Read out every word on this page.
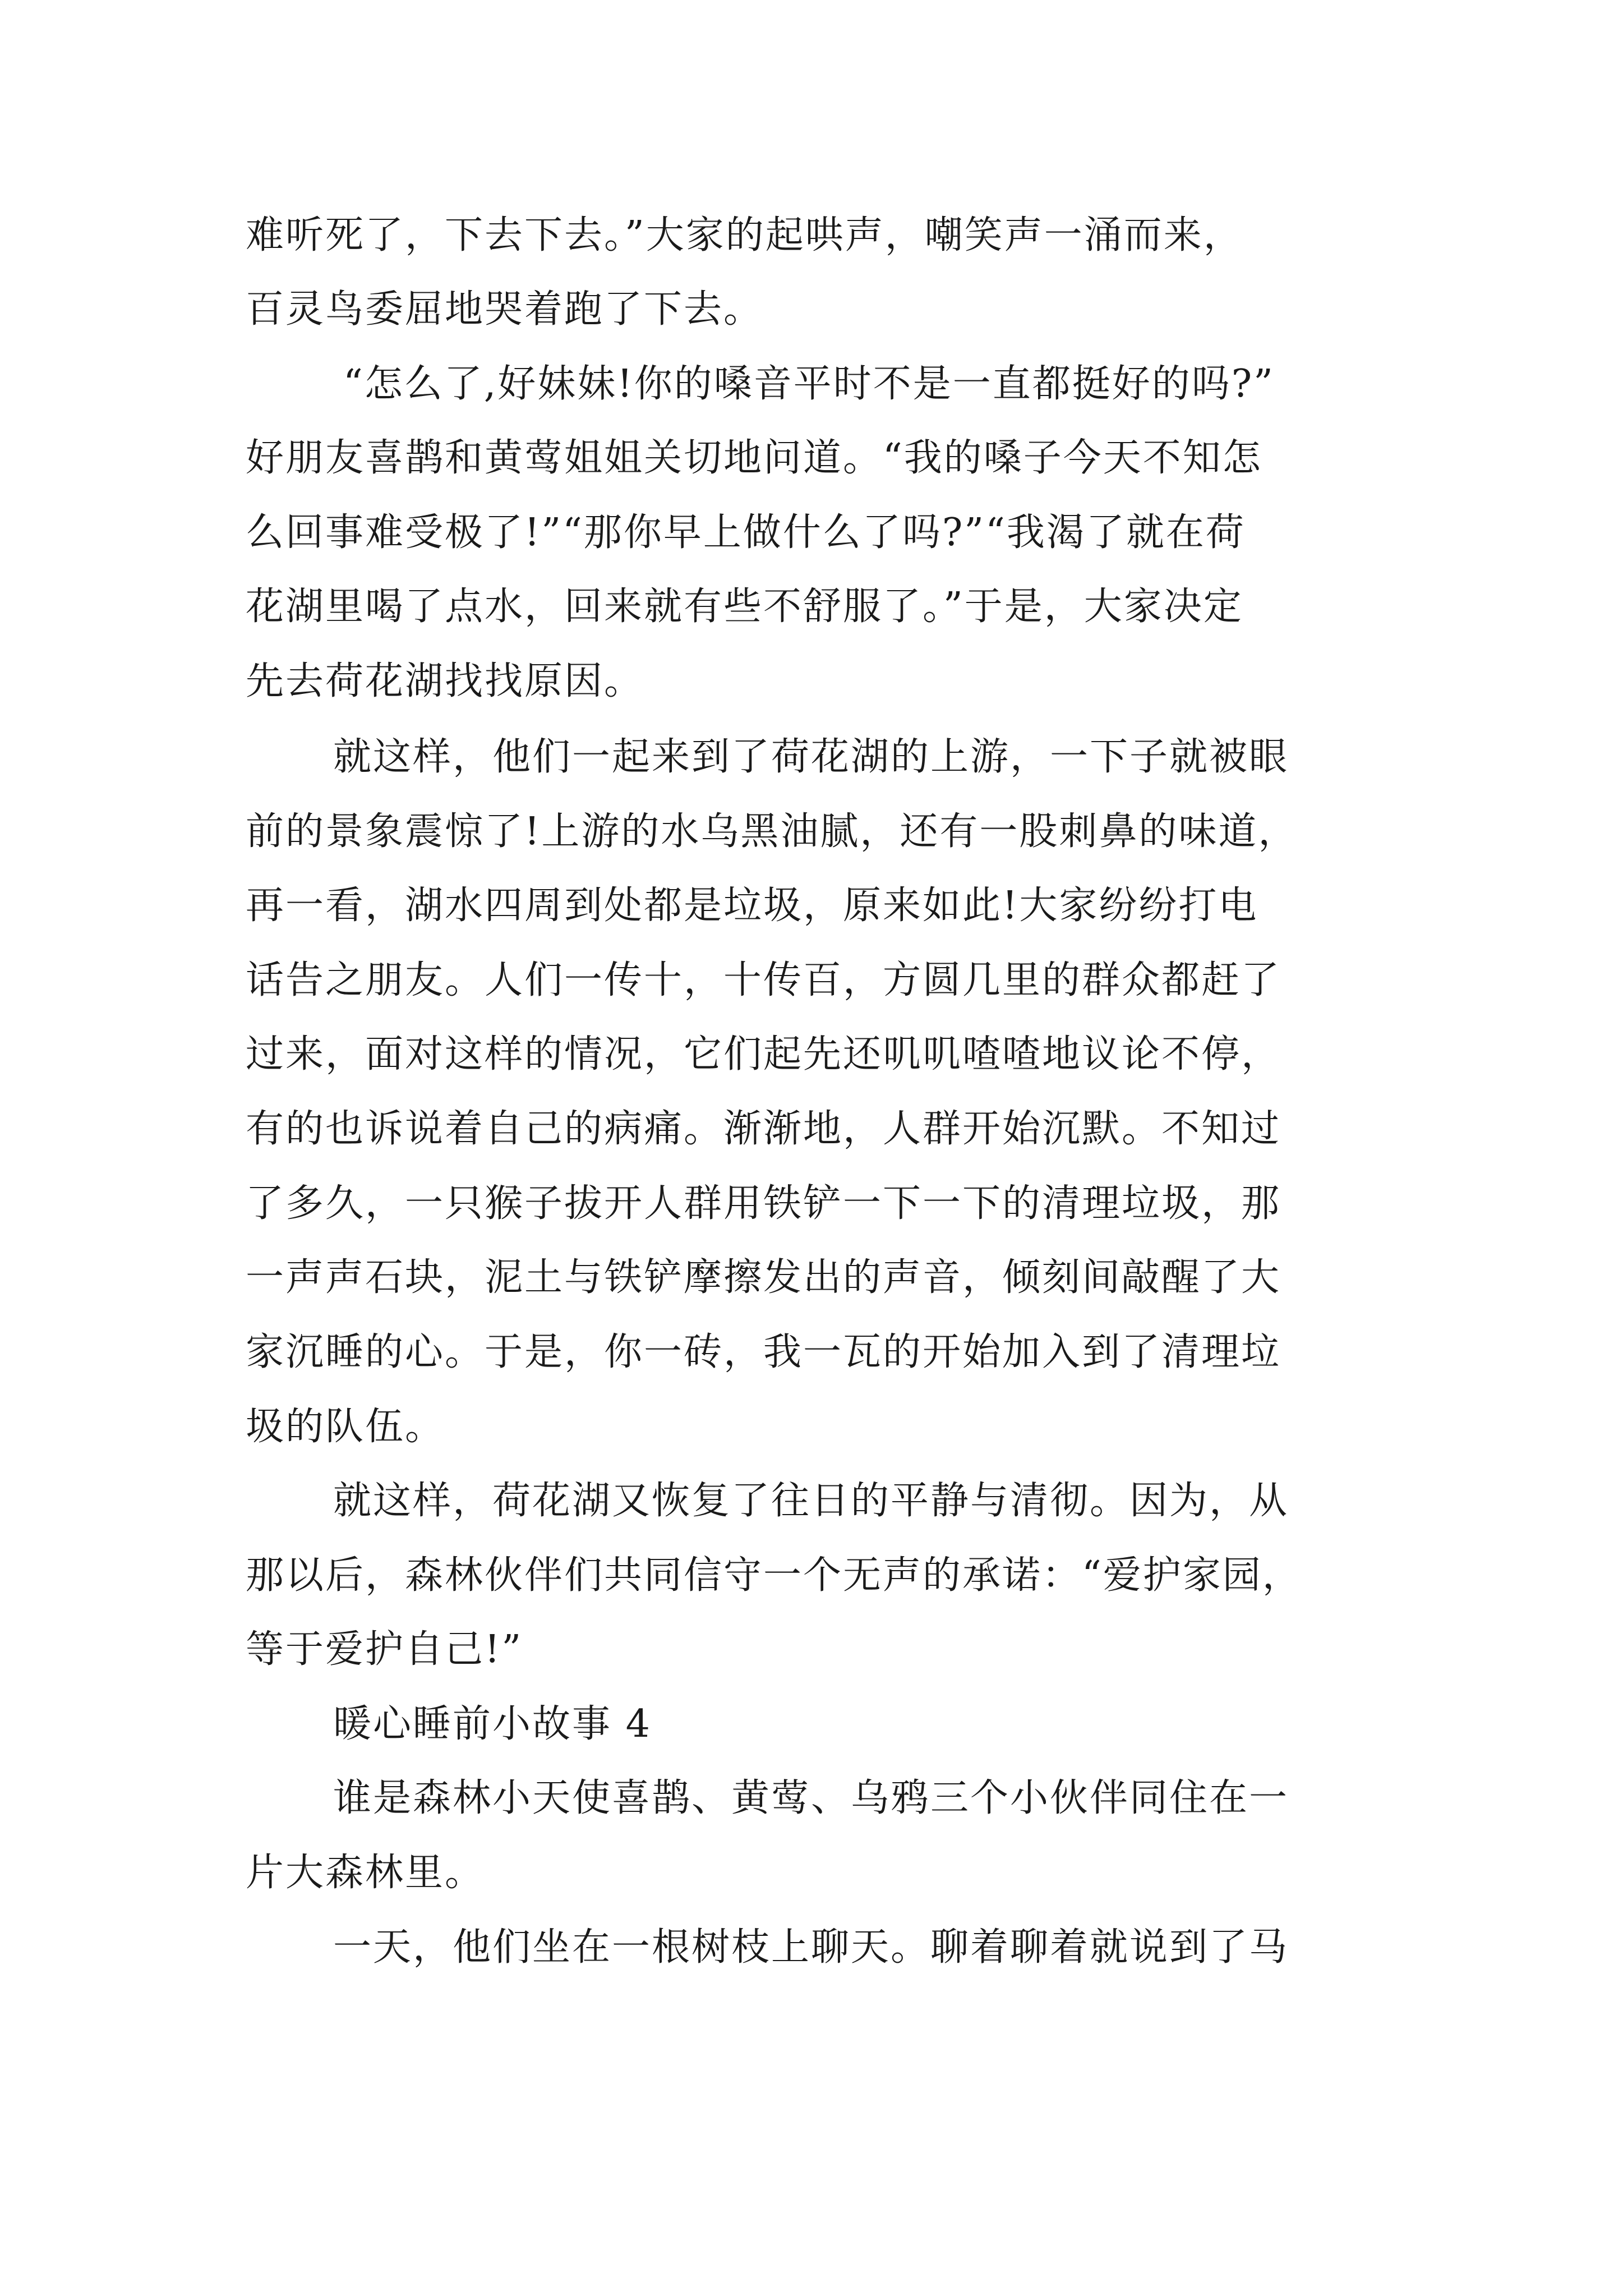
难听死了，下去下去。”大家的起哄声，嘲笑声一涌而来，
百灵鸟委屈地哭着跑了下去。
“怎么了,好妹妹!你的嗓音平时不是一直都挺好的吗?”
好朋友喜鹊和黄莺姐姐关切地问道。“我的嗓子今天不知怎
么回事难受极了!”“那你早上做什么了吗?”“我渴了就在荷
花湖里喝了点水，回来就有些不舒服了。”于是，大家决定
先去荷花湖找找原因。
就这样，他们一起来到了荷花湖的上游，一下子就被眼
前的景象震惊了!上游的水乌黑油腻，还有一股刺鼻的味道，
再一看，湖水四周到处都是垃圾，原来如此!大家纷纷打电
话告之朋友。人们一传十，十传百，方圆几里的群众都赶了
过来，面对这样的情况，它们起先还叽叽喳喳地议论不停，
有的也诉说着自己的病痛。渐渐地，人群开始沉默。不知过
了多久，一只猴子拔开人群用铁铲一下一下的清理垃圾，那
一声声石块，泥土与铁铲摩擦发出的声音，倾刻间敲醒了大
家沉睡的心。于是，你一砖，我一瓦的开始加入到了清理垃
圾的队伍。
就这样，荷花湖又恢复了往日的平静与清彻。因为，从
那以后，森林伙伴们共同信守一个无声的承诺：“爱护家园，
等于爱护自己!”
暖心睡前小故事 4
谁是森林小天使喜鹊、黄莺、乌鸦三个小伙伴同住在一
片大森林里。
一天，他们坐在一根树枝上聊天。聊着聊着就说到了马
